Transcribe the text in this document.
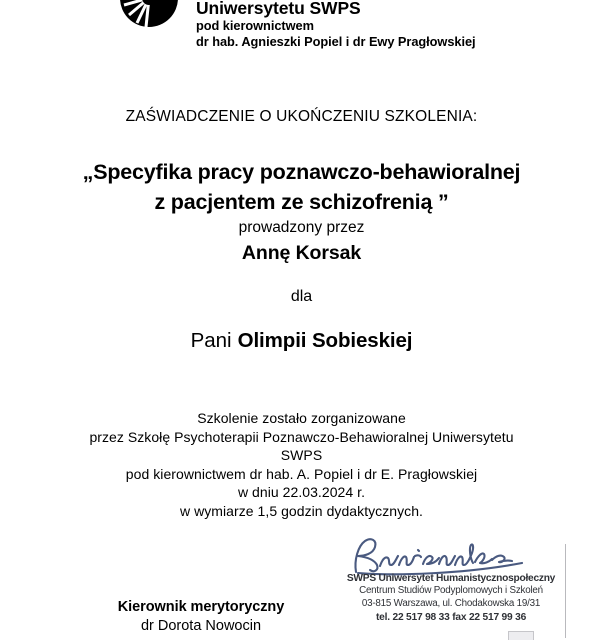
Uniwersytetu SWPS
pod kierownictwem
dr hab. Agnieszki Popiel i dr Ewy Pragłowskiej
ZAŚWIADCZENIE O UKOŃCZENIU SZKOLENIA:
„Specyfika pracy poznawczo-behawioralnej
z pacjentem ze schizofrenią ”
prowadzony przez
Annę Korsak
dla
Pani Olimpii Sobieskiej
Szkolenie zostało zorganizowane
przez Szkołę Psychoterapii Poznawczo-Behawioralnej Uniwersytetu
SWPS
pod kierownictwem dr hab. A. Popiel i dr E. Pragłowskiej
w dniu 22.03.2024 r.
w wymiarze 1,5 godzin dydaktycznych.
Kierownik merytoryczny
dr Dorota Nowocin
SWPS Uniwersytet Humanistycznospołeczny
Centrum Studiów Podyplomowych i Szkoleń
03-815 Warszawa, ul. Chodakowska 19/31
tel. 22 517 98 33 fax 22 517 99 36
